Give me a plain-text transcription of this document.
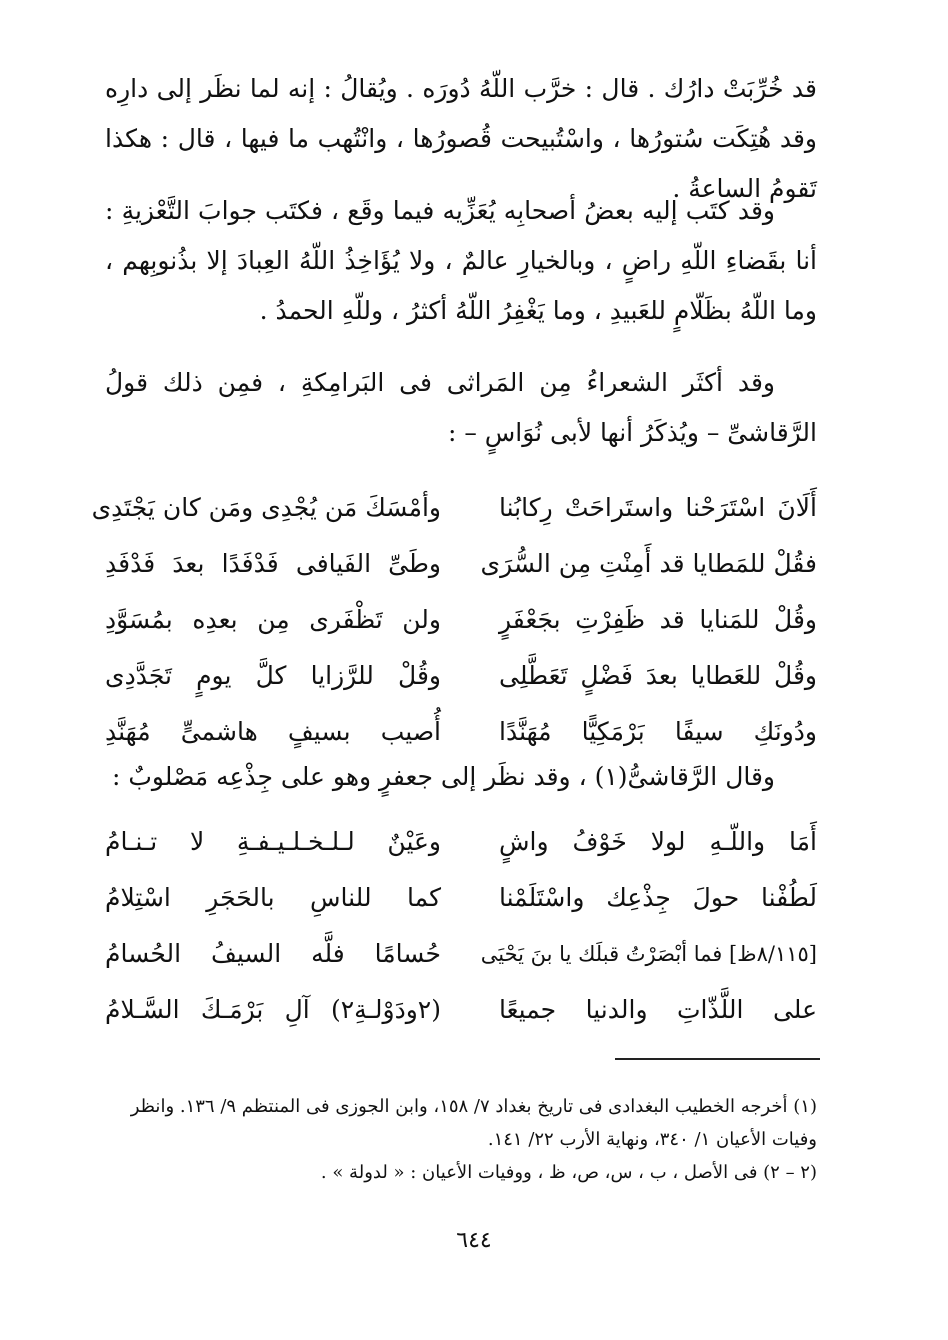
قد خُرِّبَتْ دارُك . قال : خرَّب اللّهُ دُورَه . ويُقالُ : إنه لما نظَر إلى دارِه وقد هُتِكَت سُتورُها ، واسْتُبيحت قُصورُها ، وانْتُهب ما فيها ، قال : هكذا تَقومُ الساعةُ .

وقد كتَب إليه بعضُ أصحابِه يُعَزِّيه فيما وقَع ، فكتَب جوابَ التَّعْزيةِ : أنا بقَضاءِ اللّهِ راضٍ ، وبالخيارِ عالمٌ ، ولا يُؤَاخِذُ اللّهُ العِبادَ إلا بذُنوبِهم ، وما اللّهُ بظَلّامٍ للعَبيدِ ، وما يَغْفِرُ اللّهُ أكثرُ ، وللّهِ الحمدُ .

وقد أكثَر الشعراءُ مِن المَراثى فى البَرامِكةِ ، فمِن ذلك قولُ الرَّقاشىِّ – ويُذكَرُ أنها لأبى نُوَاسٍ – :

أَلَانَ اسْتَرَحْنا واستَراحَتْ رِكابُنا
وأمْسَكَ مَن يُجْدِى ومَن كان يَجْتَدِى
فقُلْ للمَطايا قد أَمِنْتِ مِن السُّرَى
وطَىِّ الفَيافى فَدْفَدًا بعدَ فَدْفَدِ
وقُلْ للمَنايا قد ظَفِرْتِ بجَعْفَرٍ
ولن تَظْفَرى مِن بعدِه بمُسَوَّدِ
وقُلْ للعَطايا بعدَ فَضْلٍ تَعَطَّلِى
وقُلْ للرَّزايا كلَّ يومٍ تَجَدَّدِى
ودُونَكِ سيفًا بَرْمَكِيًّا مُهَنَّدًا
أُصيب بسيفٍ هاشمىٍّ مُهَنَّدِ

وقال الرَّقاشىُّ(١) ، وقد نظَر إلى جعفرٍ وهو على جِذْعِه مَصْلوبٌ :

أَمَا واللّـهِ لولا خَوْفُ واشٍ
وعَيْنٌ لـلـخـلـيـفـةِ لا تـنـامُ
لَطُفْنا حولَ جِذْعِك واسْتَلَمْنا
كما للناسِ بالحَجَرِ اسْتِلامُ
[٨/١١٥ظ] فما أبْصَرْتُ قبلَك يا بنَ يَحْيَى
حُسامًا فلَّه السيفُ الحُسامُ
على اللَّذّاتِ والدنيا جميعًا
(٢ودَوْلـةِ٢) آلِ بَرْمَـكَ السَّـلامُ

(١) أخرجه الخطيب البغدادى فى تاريخ بغداد ٧/ ١٥٨، وابن الجوزى فى المنتظم ٩/ ١٣٦. وانظر وفيات الأعيان ١/ ٣٤٠، ونهاية الأرب ٢٢/ ١٤١.

(٢ – ٢) فى الأصل ، ب ، س، ص، ظ ، ووفيات الأعيان : « لدولة » .

٦٤٤
